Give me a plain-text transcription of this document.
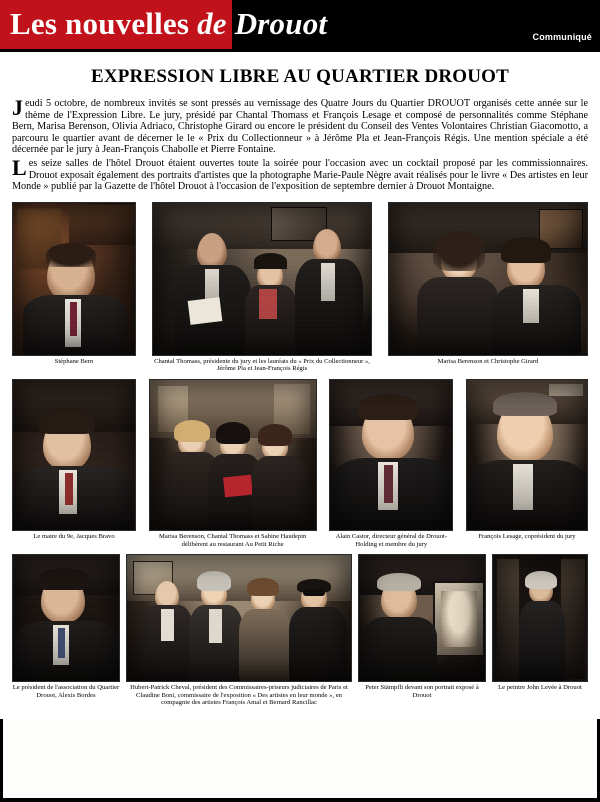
Les nouvelles de Drouot	Communiqué
EXPRESSION LIBRE AU QUARTIER DROUOT

Jeudi 5 octobre, de nombreux invités se sont pressés au vernissage des Quatre Jours du Quartier DROUOT organisés cette année sur le thème de l'Expression Libre. Le jury, présidé par Chantal Thomass et François Lesage et composé de personnalités comme Stéphane Bern, Marisa Berenson, Olivia Adriaco, Christophe Girard ou encore le président du Conseil des Ventes Volontaires Christian Giacomotto, a parcouru le quartier avant de décerner le le « Prix du Collectionneur » à Jérôme Pla et Jean-François Régis. Une mention spéciale a été décernée par le jury à Jean-François Chabolle et Pierre Fontaine.

Les seize salles de l'hôtel Drouot étaient ouvertes toute la soirée pour l'occasion avec un cocktail proposé par les commissionnaires. Drouot exposait également des portraits d'artistes que la photographe Marie-Paule Nègre avait réalisés pour le livre « Des artistes en leur Monde » publié par la Gazette de l'hôtel Drouot à l'occasion de l'exposition de septembre dernier à Drouot Montaigne.

Stéphane Bern	Chantal Thomass, présidente du jury et les lauréats du « Prix du Collectionneur », Jérôme Pla et Jean-François Régis
Marisa Berenson et Christophe Girard
Le maire du 9e, Jacques Bravo	Marisa Berenson, Chantal Thomass et Sabine Haudepin délibèrent au restaurant Au Petit Riche
Alain Castor, directeur général de Drouot-Holding et membre du jury
François Lesage, coprésident du jury
Le président de l'association du Quartier Drouot, Alexis Bordes
Hubert-Patrick Cheval, président des Commissaires-priseurs judiciaires de Paris et Claudine Boni, commissaire de l'exposition « Des artistes en leur monde », en compagnie des artistes François Amal et Bernard Rancillac
Peter Stämpfli devant son portrait exposé à Drouot
Le peintre John Levée à Drouot
